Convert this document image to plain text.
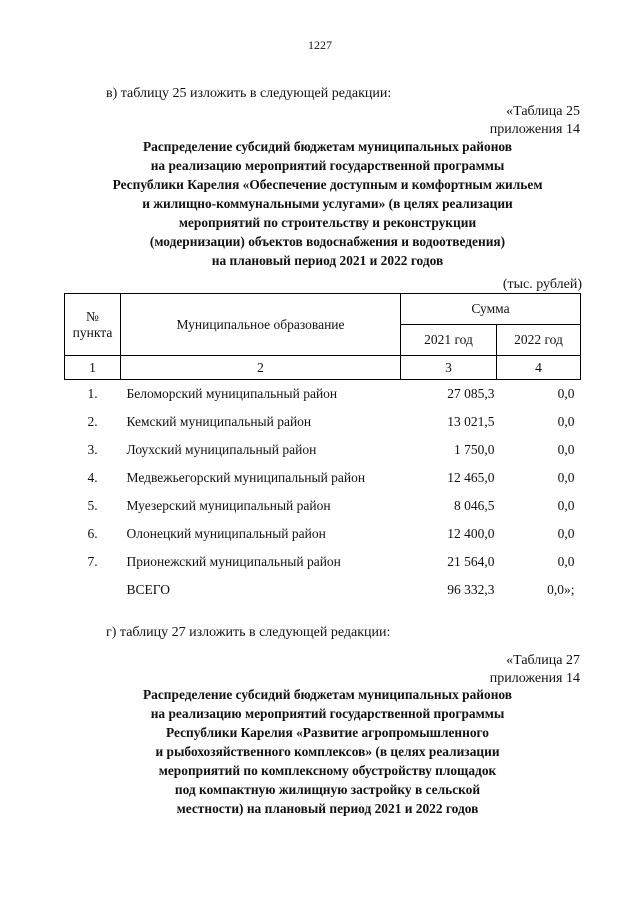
1227
в) таблицу 25 изложить в следующей редакции:
«Таблица 25
приложения 14
Распределение субсидий бюджетам муниципальных районов
на реализацию мероприятий государственной программы
Республики Карелия «Обеспечение доступным и комфортным жильем
и жилищно-коммунальными услугами» (в целях реализации
мероприятий по строительству и реконструкции
(модернизации) объектов водоснабжения и водоотведения)
на плановый период 2021 и 2022 годов
(тыс. рублей)
№ пункта	Муниципальное образование	Сумма	
		2021 год	2022 год
1	2	3	4
1.	Беломорский муниципальный район	27 085,3	0,0
2.	Кемский муниципальный район	13 021,5	0,0
3.	Лоухский муниципальный район	1 750,0	0,0
4.	Медвежьегорский муниципальный район	12 465,0	0,0
5.	Муезерский муниципальный район	8 046,5	0,0
6.	Олонецкий муниципальный район	12 400,0	0,0
7.	Прионежский муниципальный район	21 564,0	0,0
	ВСЕГО	96 332,3	0,0»;
г) таблицу 27 изложить в следующей редакции:
«Таблица 27
приложения 14
Распределение субсидий бюджетам муниципальных районов
на реализацию мероприятий государственной программы
Республики Карелия «Развитие агропромышленного
и рыбохозяйственного комплексов» (в целях реализации
мероприятий по комплексному обустройству площадок
под компактную жилищную застройку в сельской
местности) на плановый период 2021 и 2022 годов
